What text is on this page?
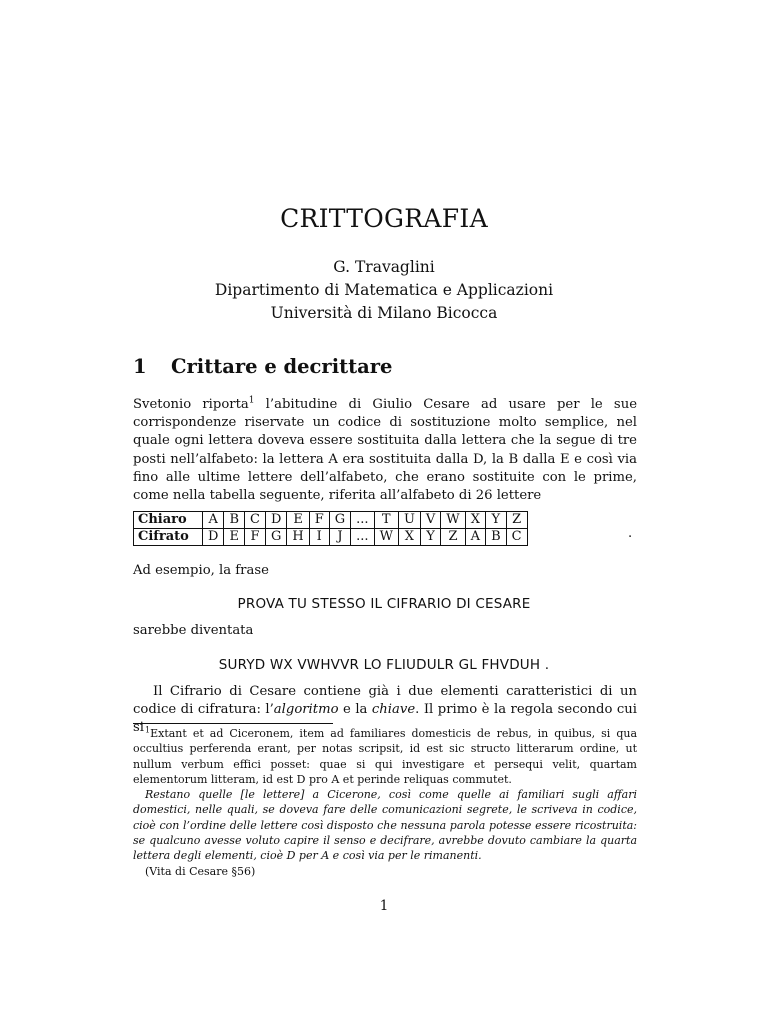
CRITTOGRAFIA
G. Travaglini
Dipartimento di Matematica e Applicazioni
Università di Milano Bicocca
1 Crittare e decrittare
Svetonio riporta$^1$ l’abitudine di Giulio Cesare ad usare per le sue corrispondenze riservate un codice di sostituzione molto semplice, nel quale ogni lettera doveva essere sostituita dalla lettera che la segue di tre posti nell’alfabeto: la lettera A era sostituita dalla D, la B dalla E e così via fino alle ultime lettere dell’alfabeto, che erano sostituite con le prime, come nella tabella seguente, riferita all’alfabeto di 26 lettere
Chiaro	A	B	C	D	E	F	G	...	T	U	V	W	X	Y	Z
Cifrato	D	E	F	G	H	I	J	...	W	X	Y	Z	A	B	C	.
Ad esempio, la frase
PROVA TU STESSO IL CIFRARIO DI CESARE
sarebbe diventata
SURYD WX VWHVVR LO FLIUDULR GL FHVDUH .
Il Cifrario di Cesare contiene già i due elementi caratteristici di un codice di cifratura: l’algoritmo e la chiave. Il primo è la regola secondo cui si $^1$Extant et ad Ciceronem, item ad familiares domesticis de rebus, in quibus, si qua occultius perferenda erant, per notas scripsit, id est sic structo litterarum ordine, ut nullum verbum effici posset: quae si qui investigare et persequi velit, quartam elementorum litteram, id est D pro A et perinde reliquas commutet.

Restano quelle [le lettere] a Cicerone, così come quelle ai familiari sugli affari domestici, nelle quali, se doveva fare delle comunicazioni segrete, le scriveva in codice, cioè con l’ordine delle lettere così disposto che nessuna parola potesse essere ricostruita: se qualcuno avesse voluto capire il senso e decifrare, avrebbe dovuto cambiare la quarta lettera degli elementi, cioè D per A e così via per le rimanenti.

(Vita di Cesare §56)

1
